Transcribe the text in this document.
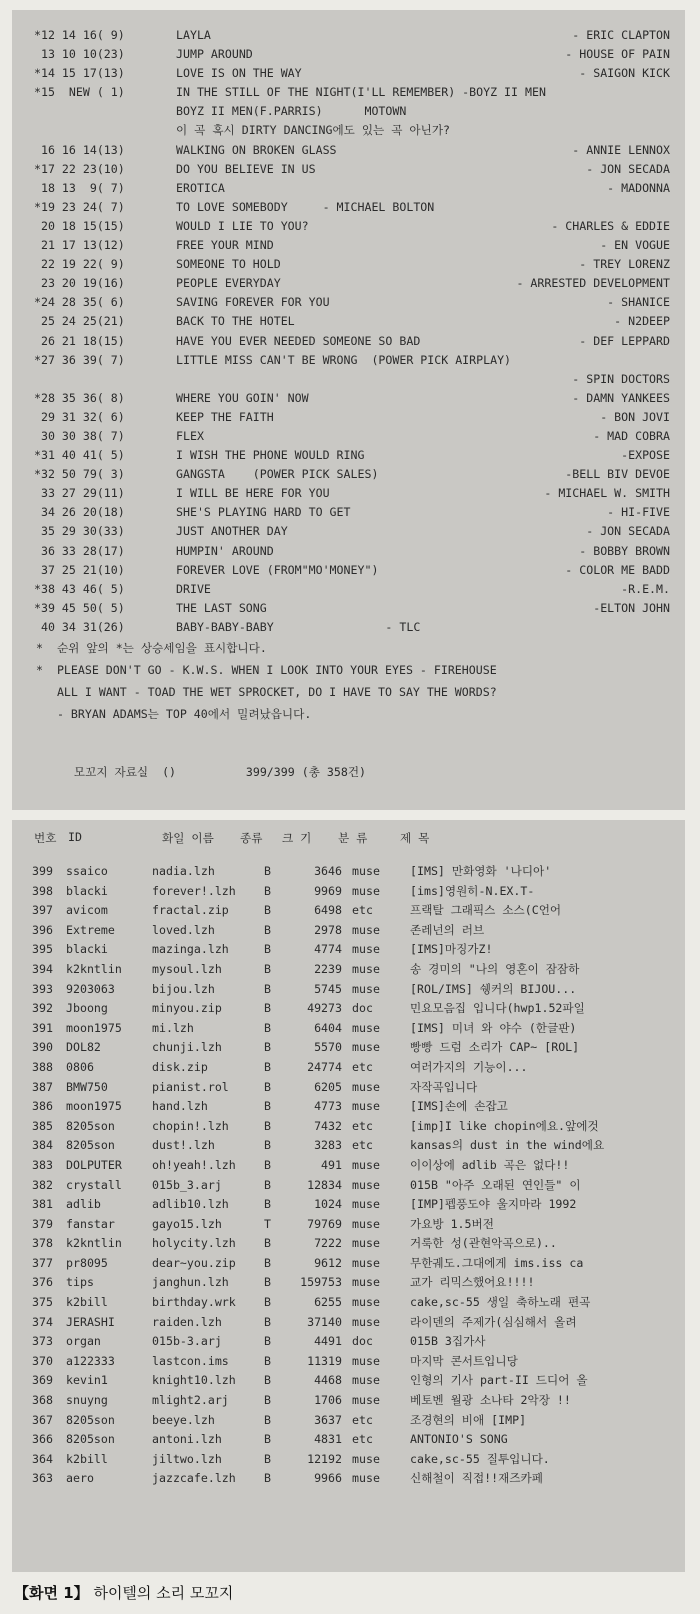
*12 14 16( 9)	LAYLA	- ERIC CLAPTON
13 10 10(23)	JUMP AROUND	- HOUSE OF PAIN
*14 15 17(13)	LOVE IS ON THE WAY	- SAIGON KICK
*15  NEW ( 1)	IN THE STILL OF THE NIGHT(I'LL REMEMBER) -BOYZ II MEN
BOYZ II MEN(F.PARRIS)      MOTOWN
이 곡 혹시 DIRTY DANCING에도 있는 곡 아닌가?
16 16 14(13)	WALKING ON BROKEN GLASS	- ANNIE LENNOX
*17 22 23(10)	DO YOU BELIEVE IN US	- JON SECADA
18 13  9( 7)	EROTICA	- MADONNA
*19 23 24( 7)	TO LOVE SOMEBODY     - MICHAEL BOLTON
20 18 15(15)	WOULD I LIE TO YOU?	- CHARLES & EDDIE
21 17 13(12)	FREE YOUR MIND	- EN VOGUE
22 19 22( 9)	SOMEONE TO HOLD	- TREY LORENZ
23 20 19(16)	PEOPLE EVERYDAY	- ARRESTED DEVELOPMENT
*24 28 35( 6)	SAVING FOREVER FOR YOU	- SHANICE
25 24 25(21)	BACK TO THE HOTEL	- N2DEEP
26 21 18(15)	HAVE YOU EVER NEEDED SOMEONE SO BAD	- DEF LEPPARD
*27 36 39( 7)	LITTLE MISS CAN'T BE WRONG  (POWER PICK AIRPLAY)
- SPIN DOCTORS
*28 35 36( 8)	WHERE YOU GOIN' NOW	- DAMN YANKEES
29 31 32( 6)	KEEP THE FAITH	- BON JOVI
30 30 38( 7)	FLEX	- MAD COBRA
*31 40 41( 5)	I WISH THE PHONE WOULD RING	-EXPOSE
*32 50 79( 3)	GANGSTA    (POWER PICK SALES)	-BELL BIV DEVOE
33 27 29(11)	I WILL BE HERE FOR YOU	- MICHAEL W. SMITH
34 26 20(18)	SHE'S PLAYING HARD TO GET	- HI-FIVE
35 29 30(33)	JUST ANOTHER DAY	- JON SECADA
36 33 28(17)	HUMPIN' AROUND	- BOBBY BROWN
37 25 21(10)	FOREVER LOVE (FROM"MO'MONEY")	- COLOR ME BADD
*38 43 46( 5)	DRIVE	-R.E.M.
*39 45 50( 5)	THE LAST SONG	-ELTON JOHN
40 34 31(26)	BABY-BABY-BABY                - TLC
*  순위 앞의 *는 상승세임을 표시합니다.
*  PLEASE DON'T GO - K.W.S. WHEN I LOOK INTO YOUR EYES - FIREHOUSE
ALL I WANT - TOAD THE WET SPROCKET, DO I HAVE TO SAY THE WORDS?
- BRYAN ADAMS는 TOP 40에서 밀려났읍니다.

모꼬지 자료실 ()	399/399 (총 358건)

번호 ID	화일 이름 종류 크 기 분 류	제 목
399 ssaico	nadia.lzh	B	3646 muse	[IMS] 만화영화 '나디아'
398 blacki	forever!.lzh B	9969 muse	[ims]영원히-N.EX.T-
397 avicom	fractal.zip	B	6498 etc	프랙탈 그래픽스 소스(C언어
396 Extreme	loved.lzh	B	2978 muse	존레넌의 러브
395 blacki	mazinga.lzh	B	4774 muse	[IMS]마징가Z!
394 k2kntlin	mysoul.lzh	B	2239 muse	송 경미의 "나의 영혼이 잠잠하
393 9203063	bijou.lzh	B	5745 muse	[ROL/IMS] 쉥커의 BIJOU...
392 Jboong	minyou.zip	B	49273 doc	민요모음집 입니다(hwp1.52파일
391 moon1975	mi.lzh	B	6404 muse	[IMS] 미녀 와 야수 (한글판)
390 DOL82	chunji.lzh	B	5570 muse	빵빵 드럼 소리가 CAP~ [ROL]
388 0806	disk.zip	B	24774 etc	여러가지의 기능이...
387 BMW750	pianist.rol	B	6205 muse	자작곡입니다
386 moon1975	hand.lzh	B	4773 muse	[IMS]손에 손잡고
385 8205son	chopin!.lzh	B	7432 etc	[imp]I like chopin에요.앞에것
384 8205son	dust!.lzh	B	3283 etc	kansas의 dust in the wind에요
383 DOLPUTER	oh!yeah!.lzh B	491 muse	이이상에 adlib 곡은 없다!!
382 crystall	015b_3.arj	B	12834 muse	015B "아주 오래된 연인들" 이
381 adlib	adlib10.lzh	B	1024 muse	[IMP]펩풍도야 울지마라 1992
379 fanstar	gayo15.lzh	T	79769 muse	가요방 1.5버전
378 k2kntlin	holycity.lzh B	7222 muse	거룩한 성(관현악곡으로)..
377 pr8095	dear~you.zip B	9612 muse	무한궤도.그대에게 ims.iss ca
376 tips	janghun.lzh	B	159753 muse	교가 리믹스했어요!!!!
375 k2bill	birthday.wrk B	6255 muse	cake,sc-55 생일 축하노래 편곡
374 JERASHI	raiden.lzh	B	37140 muse	라이덴의 주제가(심심해서 올려
373 organ	015b-3.arj	B	4491 doc	015B 3집가사
370 a122333	lastcon.ims	B	11319 muse	마지막 콘서트입니당
369 kevin1	knight10.lzh B	4468 muse	인형의 기사 part-II 드디어 올
368 snuyng	mlight2.arj	B	1706 muse	베토벤 월광 소나타 2악장 !!
367 8205son	beeye.lzh	B	3637 etc	조경현의 비애 [IMP]
366 8205son	antoni.lzh	B	4831 etc	ANTONIO'S SONG
364 k2bill	jiltwo.lzh	B	12192 muse	cake,sc-55 질투입니다.
363 aero	jazzcafe.lzh B	9966 muse	신해철이 직접!!재즈카페
【화면 1】 하이텔의 소리 모꼬지
